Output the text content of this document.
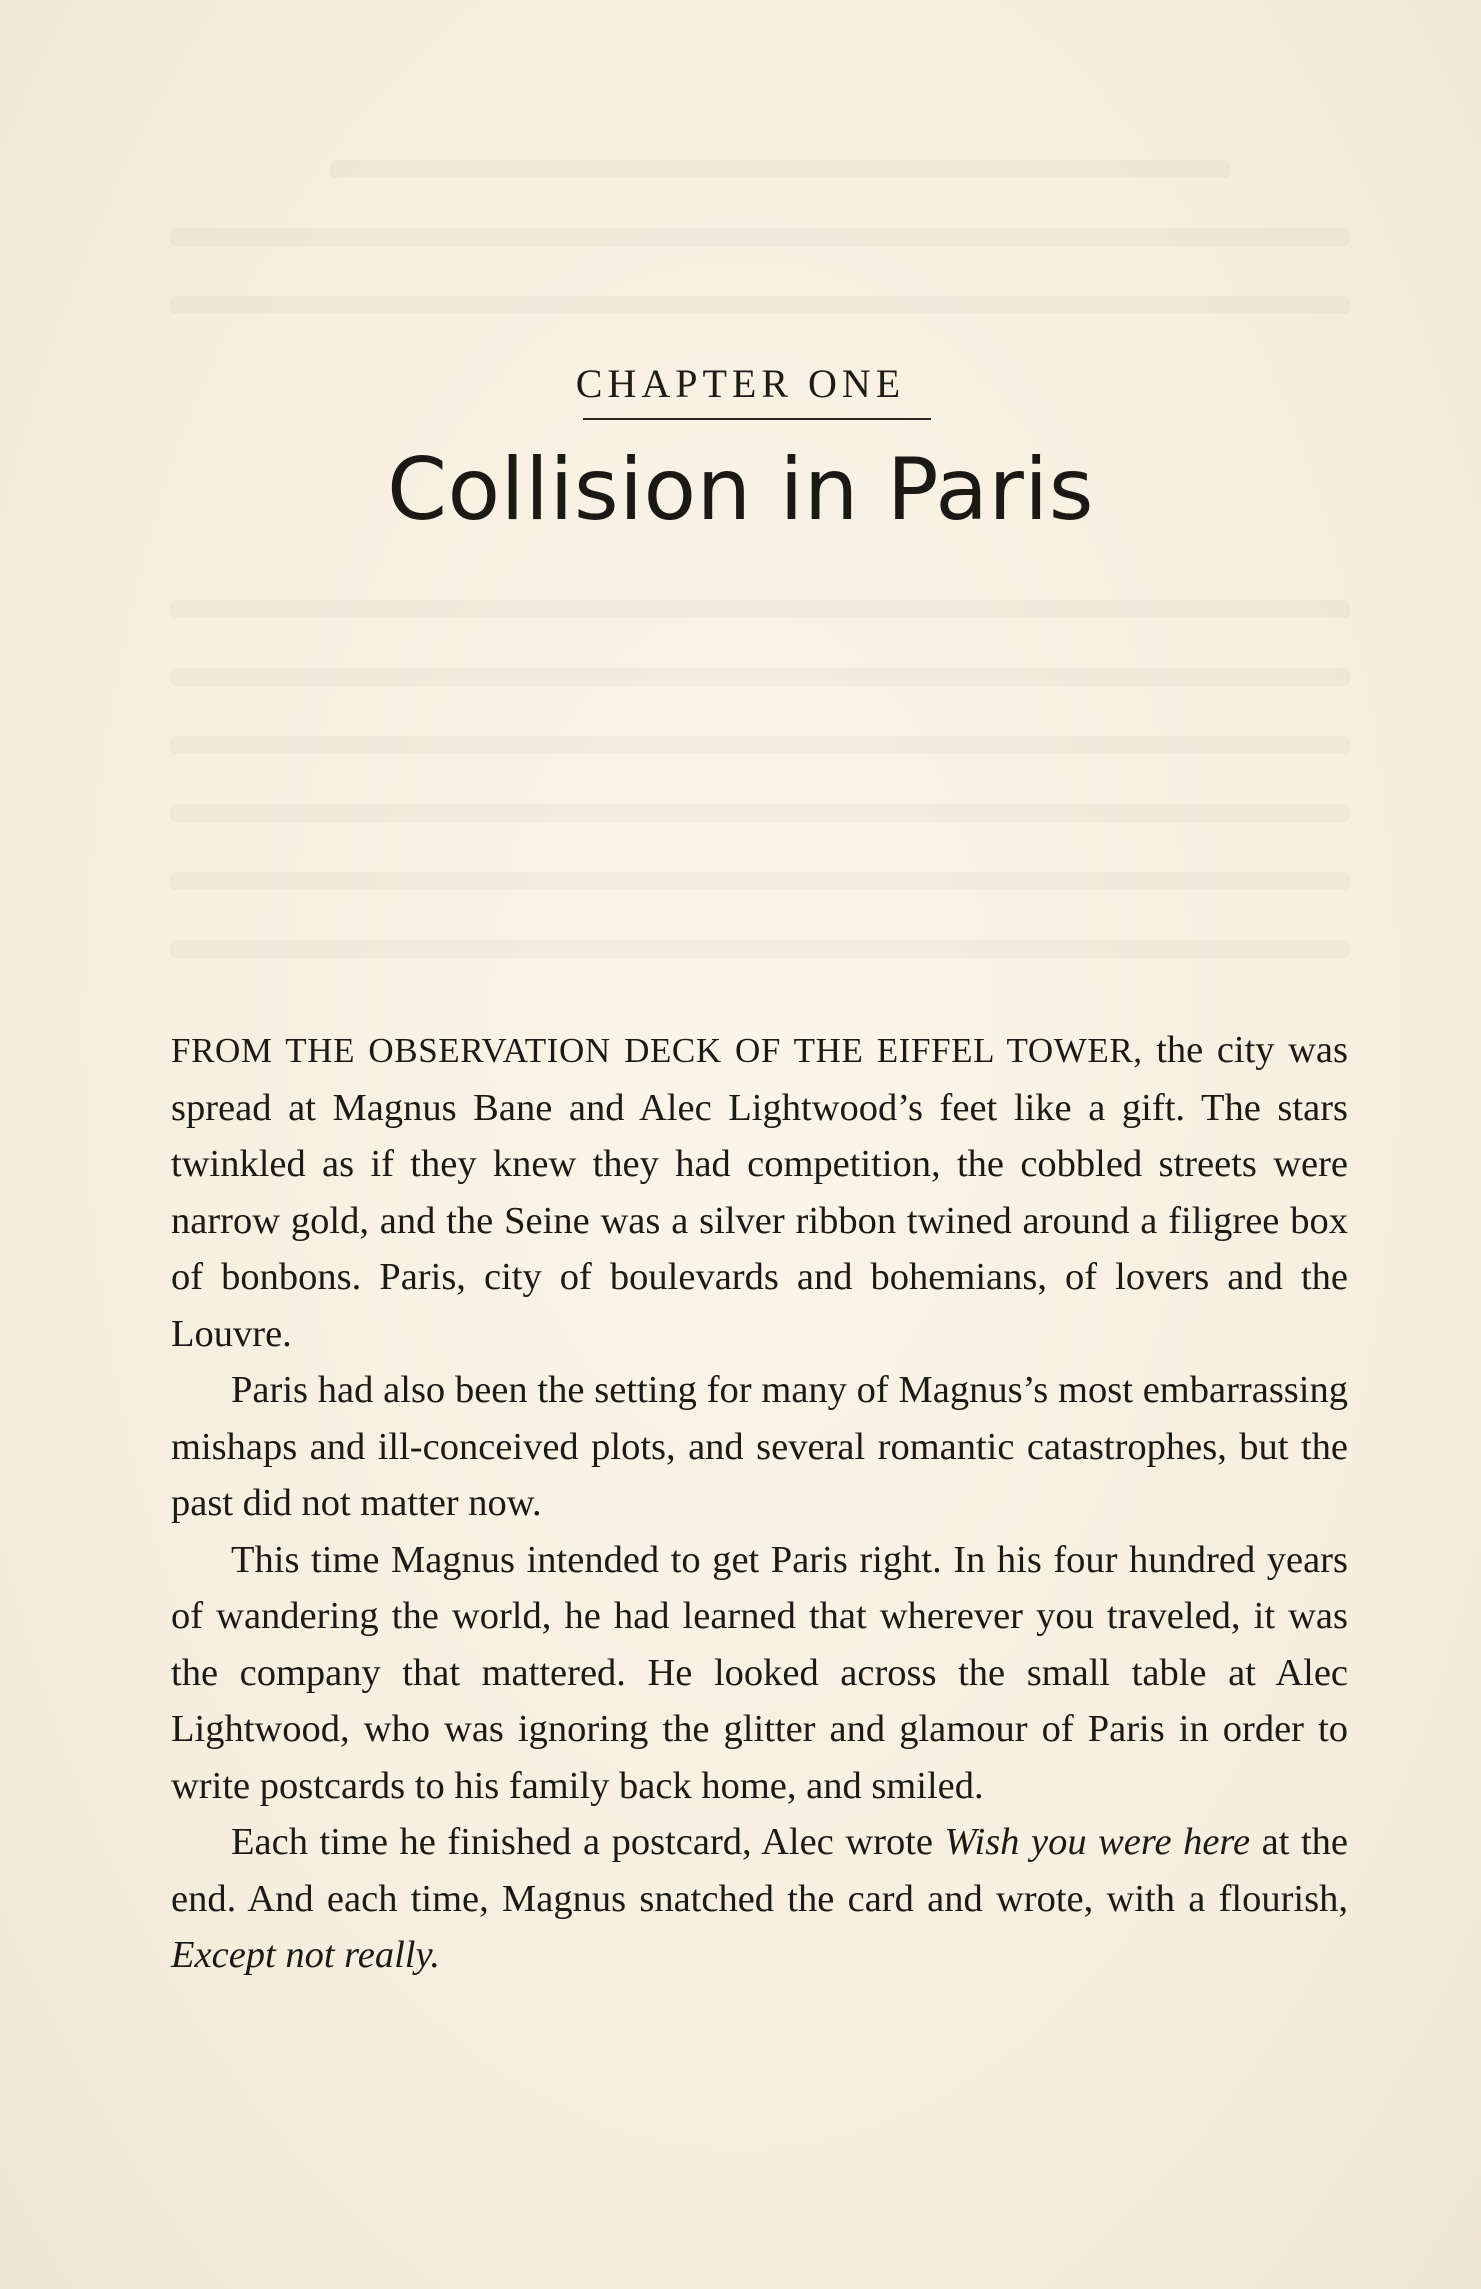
CHAPTER ONE
Collision in Paris

FROM THE OBSERVATION DECK OF THE EIFFEL TOWER, the city was spread at Magnus Bane and Alec Lightwood’s feet like a gift. The stars twinkled as if they knew they had competition, the cobbled streets were narrow gold, and the Seine was a silver ribbon twined around a filigree box of bonbons. Paris, city of boulevards and bohemians, of lovers and the Louvre.

Paris had also been the setting for many of Magnus’s most embarrassing mishaps and ill-conceived plots, and several romantic catastrophes, but the past did not matter now.

This time Magnus intended to get Paris right. In his four hundred years of wandering the world, he had learned that wherever you traveled, it was the company that mattered. He looked across the small table at Alec Lightwood, who was ignoring the glitter and glamour of Paris in order to write postcards to his family back home, and smiled.

Each time he finished a postcard, Alec wrote Wish you were here at the end. And each time, Magnus snatched the card and wrote, with a flourish, Except not really.
